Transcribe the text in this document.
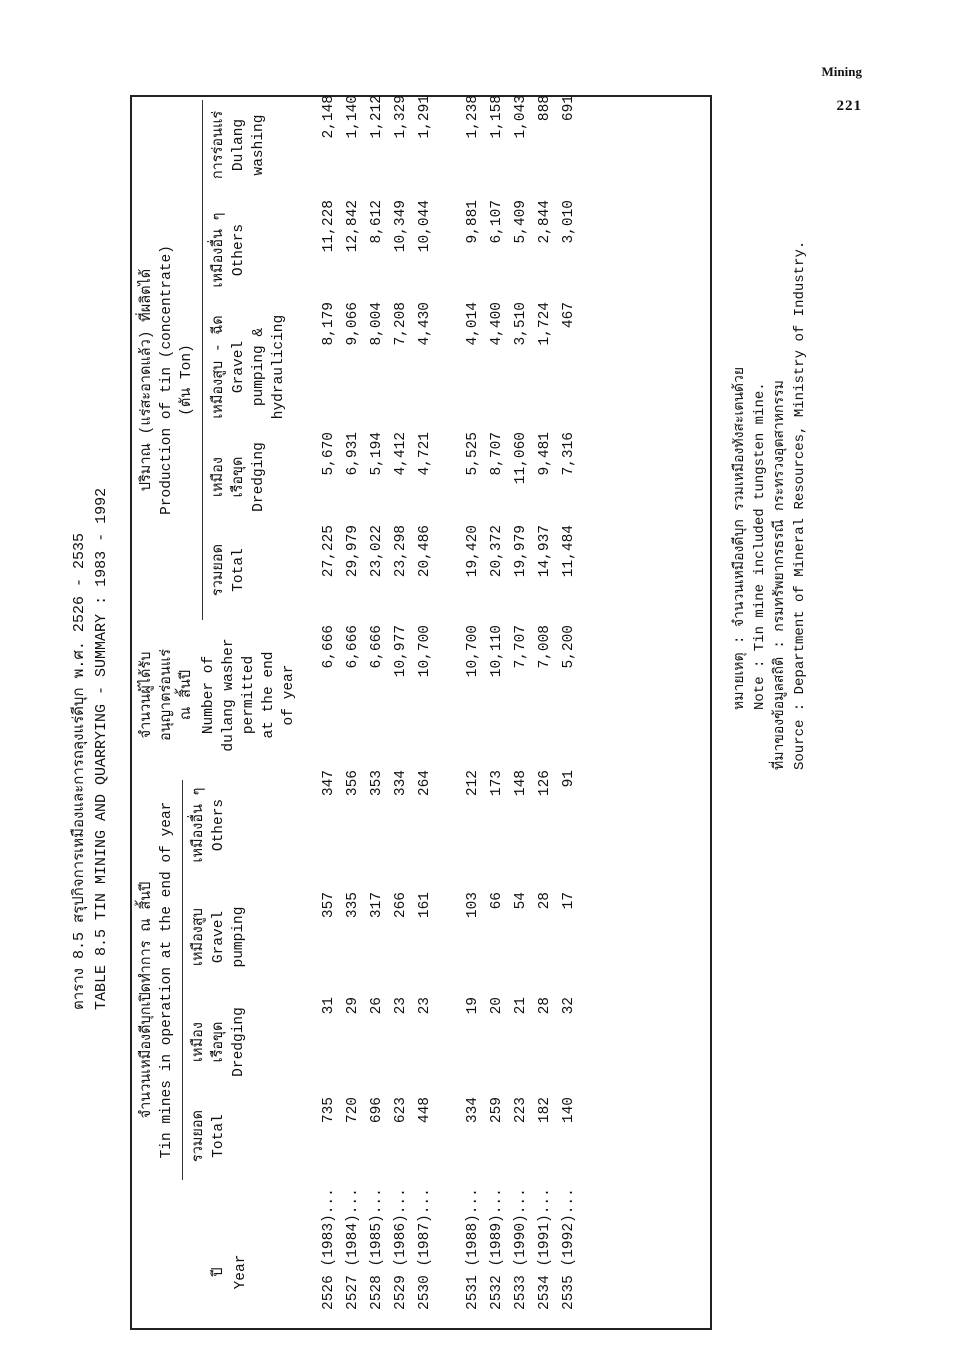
Mining
221
ตาราง 8.5 สรุปกิจการเหมืองและการถลุงแร่ดีบุก พ.ศ. 2526 - 2535 TABLE 8.5 TIN MINING AND QUARRYING - SUMMARY : 1983 - 1992
ปี Year
จำนวนเหมืองดีบุกเปิดทำการ ณ สิ้นปี Tin mines in operation at the end of year รวมยอด Total
เหมือง เรือขุด Dredging
เหมืองสูบ Gravel pumping
เหมืองอื่น ๆ Others
จำนวนผู้ได้รับ อนุญาตร่อนแร่ ณ สิ้นปี Number of dulang washer permitted at the end of year
ปริมาณ (แร่สะอาดแล้ว) ที่ผลิตได้ Production of tin (concentrate) (ตัน Ton)
รวมยอด Total
เหมือง เรือขุด Dredging
เหมืองสูบ - ฉีด Gravel pumping & hydraulicing
เหมืองอื่น ๆ Others
การร่อนแร่ Dulang washing
2526 (1983)...
735
31
357
347
6,666
27,225
5,670
8,179
11,228
2,148
2527 (1984)...
720
29
335
356
6,666
29,979
6,931
9,066
12,842
1,140
2528 (1985)...
696
26
317
353
6,666
23,022
5,194
8,004
8,612
1,212
2529 (1986)...
623
23
266
334
10,977
23,298
4,412
7,208
10,349
1,329
2530 (1987)...
448
23
161
264
10,700
20,486
4,721
4,430
10,044
1,291
2531 (1988)...
334
19
103
212
10,700
19,420
5,525
4,014
9,881
1,238
2532 (1989)...
259
20
66
173
10,110
20,372
8,707
4,400
6,107
1,158
2533 (1990)...
223
21
54
148
7,707
19,979
11,060
3,510
5,409
1,043
2534 (1991)...
182
28
28
126
7,008
14,937
9,481
1,724
2,844
888
2535 (1992)...
140
32
17
91
5,200
11,484
7,316
467
3,010
691
หมายเหตุ : จำนวนเหมืองดีบุก รวมเหมืองทังสะเตนด้วย Note : Tin mine included tungsten mine. ที่มาของข้อมูลสถิติ : กรมทรัพยากรธรณี กระทรวงอุตสาหกรรม Source : Department of Mineral Resources, Ministry of Industry.
